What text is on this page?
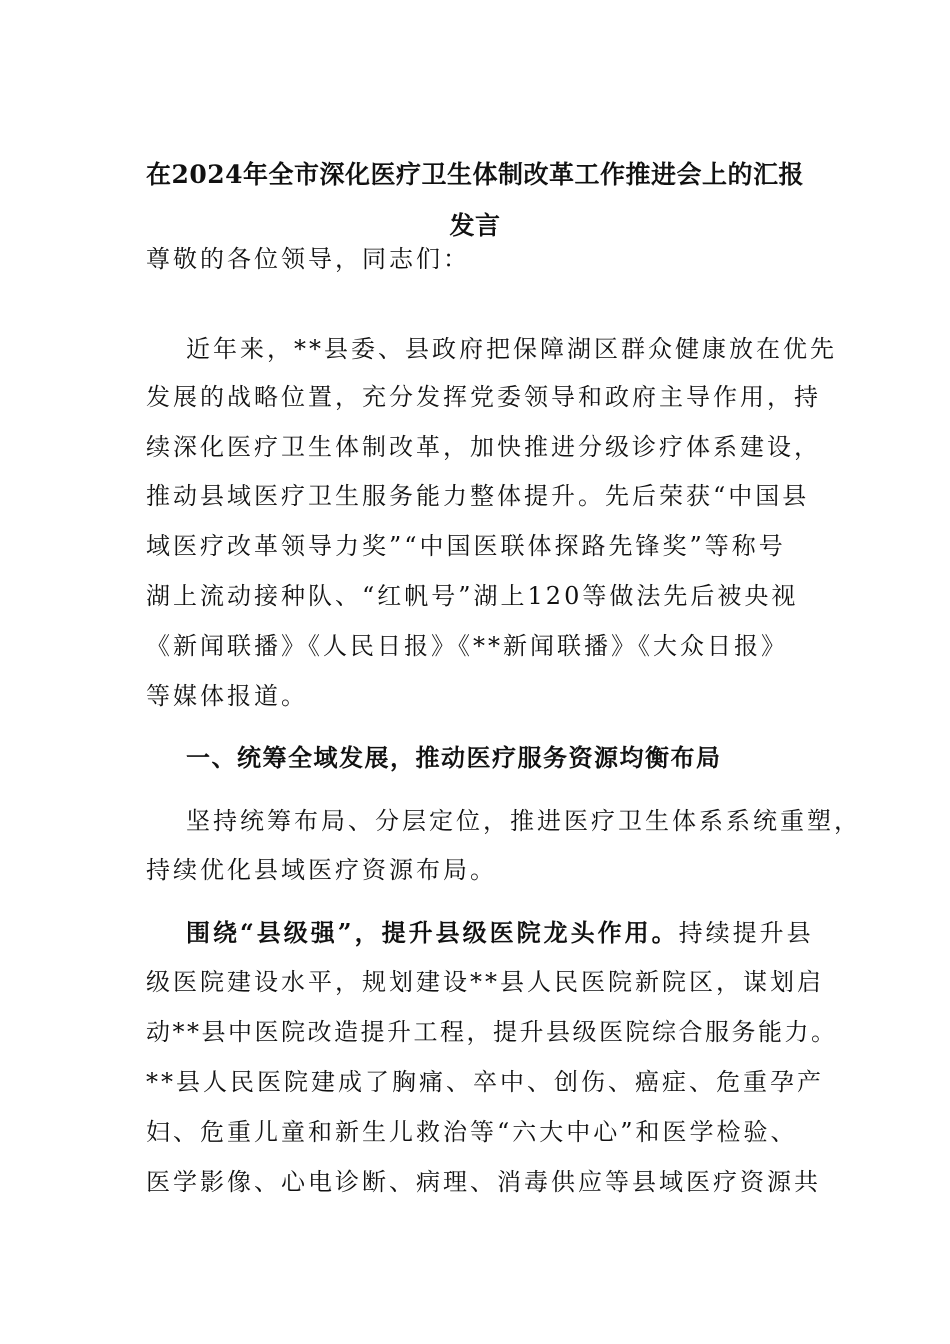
在2024年全市深化医疗卫生体制改革工作推进会上的汇报
发言
尊敬的各位领导，同志们：
近年来，**县委、县政府把保障湖区群众健康放在优先
发展的战略位置，充分发挥党委领导和政府主导作用，持
续深化医疗卫生体制改革，加快推进分级诊疗体系建设，
推动县域医疗卫生服务能力整体提升。先后荣获“中国县
域医疗改革领导力奖”“中国医联体探路先锋奖”等称号
湖上流动接种队、“红帆号”湖上120等做法先后被央视
《新闻联播》《人民日报》《**新闻联播》《大众日报》
等媒体报道。
一、统筹全域发展，推动医疗服务资源均衡布局
坚持统筹布局、分层定位，推进医疗卫生体系系统重塑，
持续优化县域医疗资源布局。
围绕“县级强”，提升县级医院龙头作用。持续提升县
级医院建设水平，规划建设**县人民医院新院区，谋划启
动**县中医院改造提升工程，提升县级医院综合服务能力。
**县人民医院建成了胸痛、卒中、创伤、癌症、危重孕产
妇、危重儿童和新生儿救治等“六大中心”和医学检验、
医学影像、心电诊断、病理、消毒供应等县域医疗资源共
